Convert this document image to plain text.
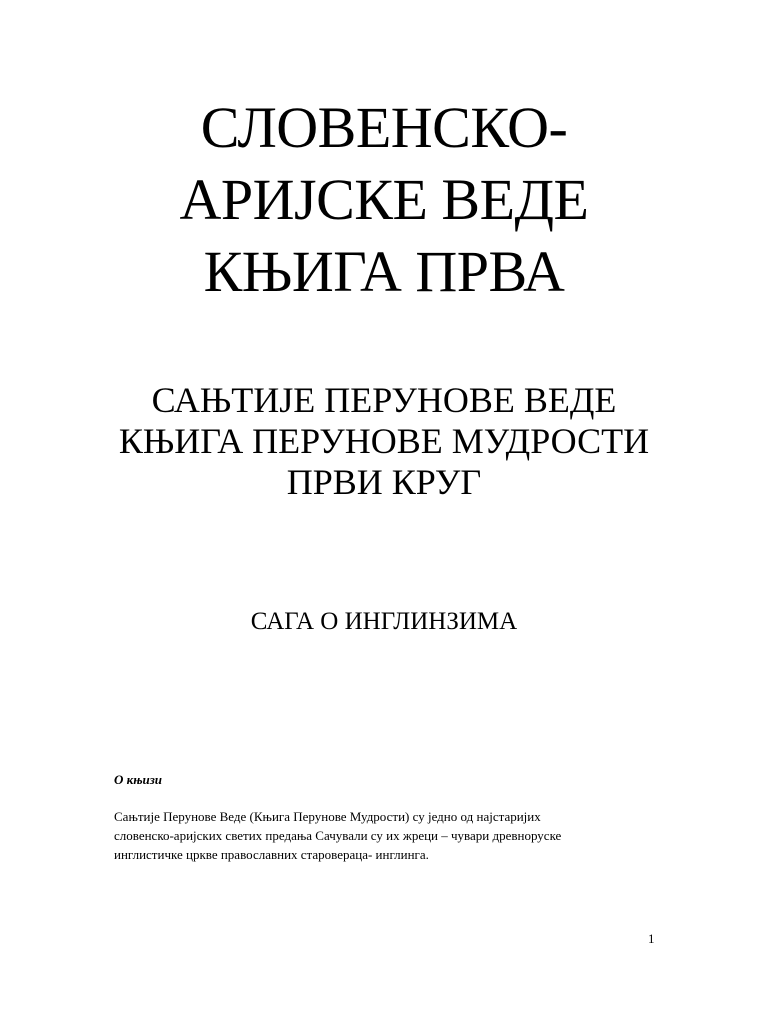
СЛОВЕНСКО-
АРИЈСКЕ ВЕДЕ
КЊИГА ПРВА
САЊТИЈЕ ПЕРУНОВЕ ВЕДЕ
КЊИГА ПЕРУНОВЕ МУДРОСТИ
ПРВИ КРУГ
САГА О ИНГЛИНЗИМА
О књизи
Сањтије Перунове Веде (Књига Перунове Мудрости) су једно од најстаријих
словенско-аријских светих предања Сачували су их жреци – чувари древноруске
инглистичке цркве православних старовераца- инглинга.
1
